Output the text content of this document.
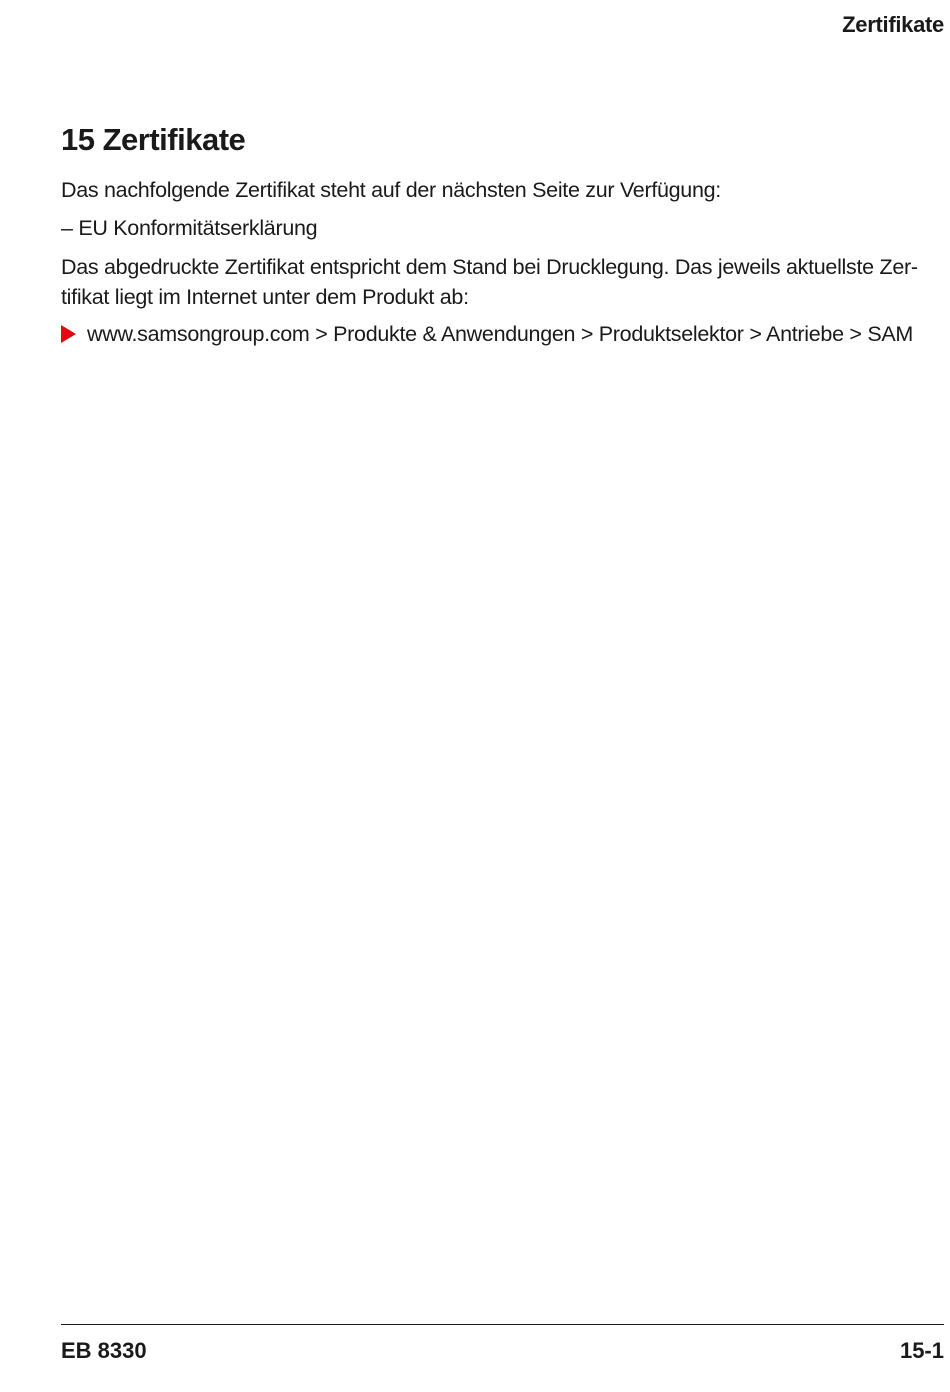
Zertifikate
15 Zertifikate

Das nachfolgende Zertifikat steht auf der nächsten Seite zur Verfügung:

– EU Konformitätserklärung

Das abgedruckte Zertifikat entspricht dem Stand bei Drucklegung. Das jeweils aktuellste Zer-
tifikat liegt im Internet unter dem Produkt ab:

www.samsongroup.com > Produkte & Anwendungen > Produktselektor > Antriebe > SAM
EB 8330	15-1
